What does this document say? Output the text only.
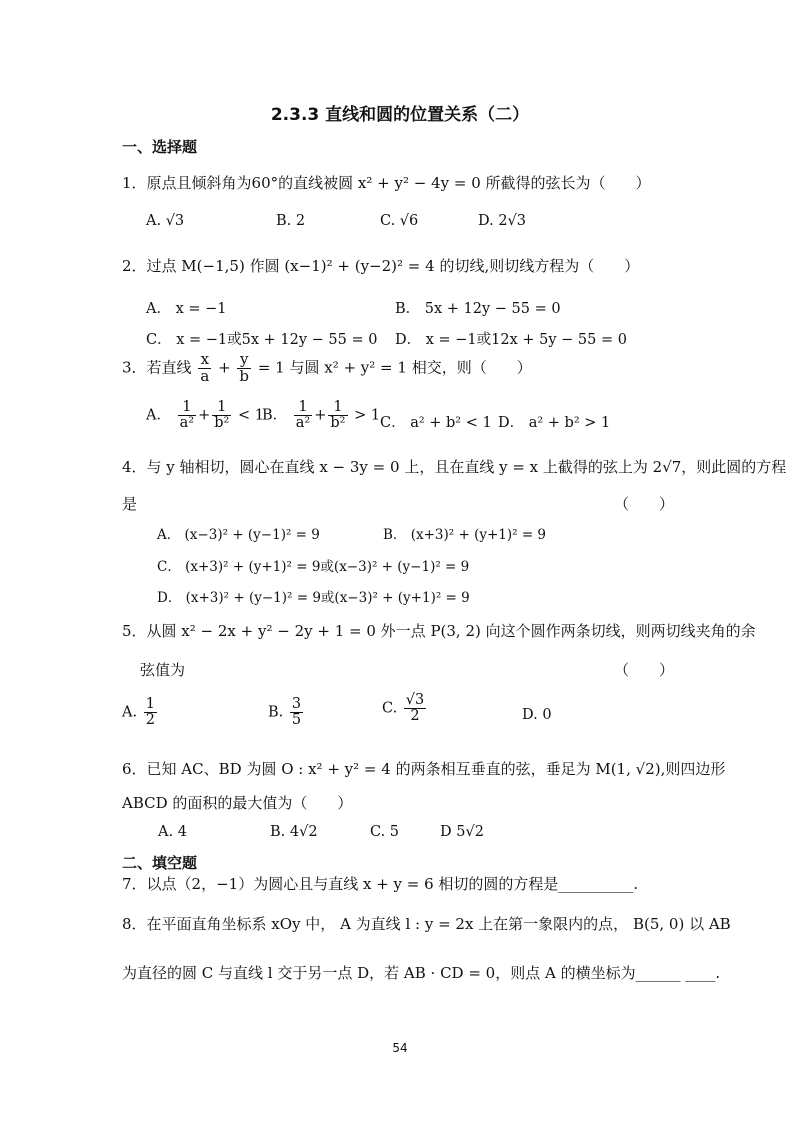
2.3.3 直线和圆的位置关系（二）
一、选择题
1．原点且倾斜角为60°的直线被圆 x² + y² − 4y = 0 所截得的弦长为（　　）
A. √3	B. 2	C. √6	D. 2√3
2．过点 M(−1,5) 作圆 (x−1)² + (y−2)² = 4 的切线,则切线方程为（　　）
A． x = −1	B． 5x + 12y − 55 = 0
C． x = −1或5x + 12y − 55 = 0 D． x = −1或12x + 5y − 55 = 0
3．若直线 $\frac{x}{a} + \frac{y}{b} = 1$ 与圆 x² + y² = 1 相交，则（　　）
A． $\frac{1}{\text{a²}} + \frac{1}{\text{b²}} < 1$
B． $\frac{1}{\text{a²}} + \frac{1}{\text{b²}} > 1$ C． a² + b² < 1 D． a² + b² > 1
4．与 y 轴相切，圆心在直线 x − 3y = 0 上，且在直线 y = x 上截得的弦上为 2√7，则此圆的方程
是	（　　）
A． (x−3)² + (y−1)² = 9	B． (x+3)² + (y+1)² = 9
C． (x+3)² + (y+1)² = 9或(x−3)² + (y−1)² = 9
D． (x+3)² + (y−1)² = 9或(x−3)² + (y+1)² = 9
5．从圆 x² − 2x + y² − 2y + 1 = 0 外一点 P(3, 2) 向这个圆作两条切线，则两切线夹角的余
弦值为	（　　）
A. $\frac{1}{2}$	B. $\frac{3}{5}$	C. $\frac{√3}{2}$	D. 0
6．已知 AC、BD 为圆 O : x² + y² = 4 的两条相互垂直的弦，垂足为 M(1, √2),则四边形
ABCD 的面积的最大值为（　　）
A. 4	B. 4√2	C. 5	D 5√2
二、填空题
7．以点（2，−1）为圆心且与直线 x + y = 6 相切的圆的方程是__________.
8．在平面直角坐标系 xOy 中， A 为直线 l : y = 2x 上在第一象限内的点， B(5, 0) 以 AB
为直径的圆 C 与直线 l 交于另一点 D，若 AB · CD = 0，则点 A 的横坐标为______ ____.
54
